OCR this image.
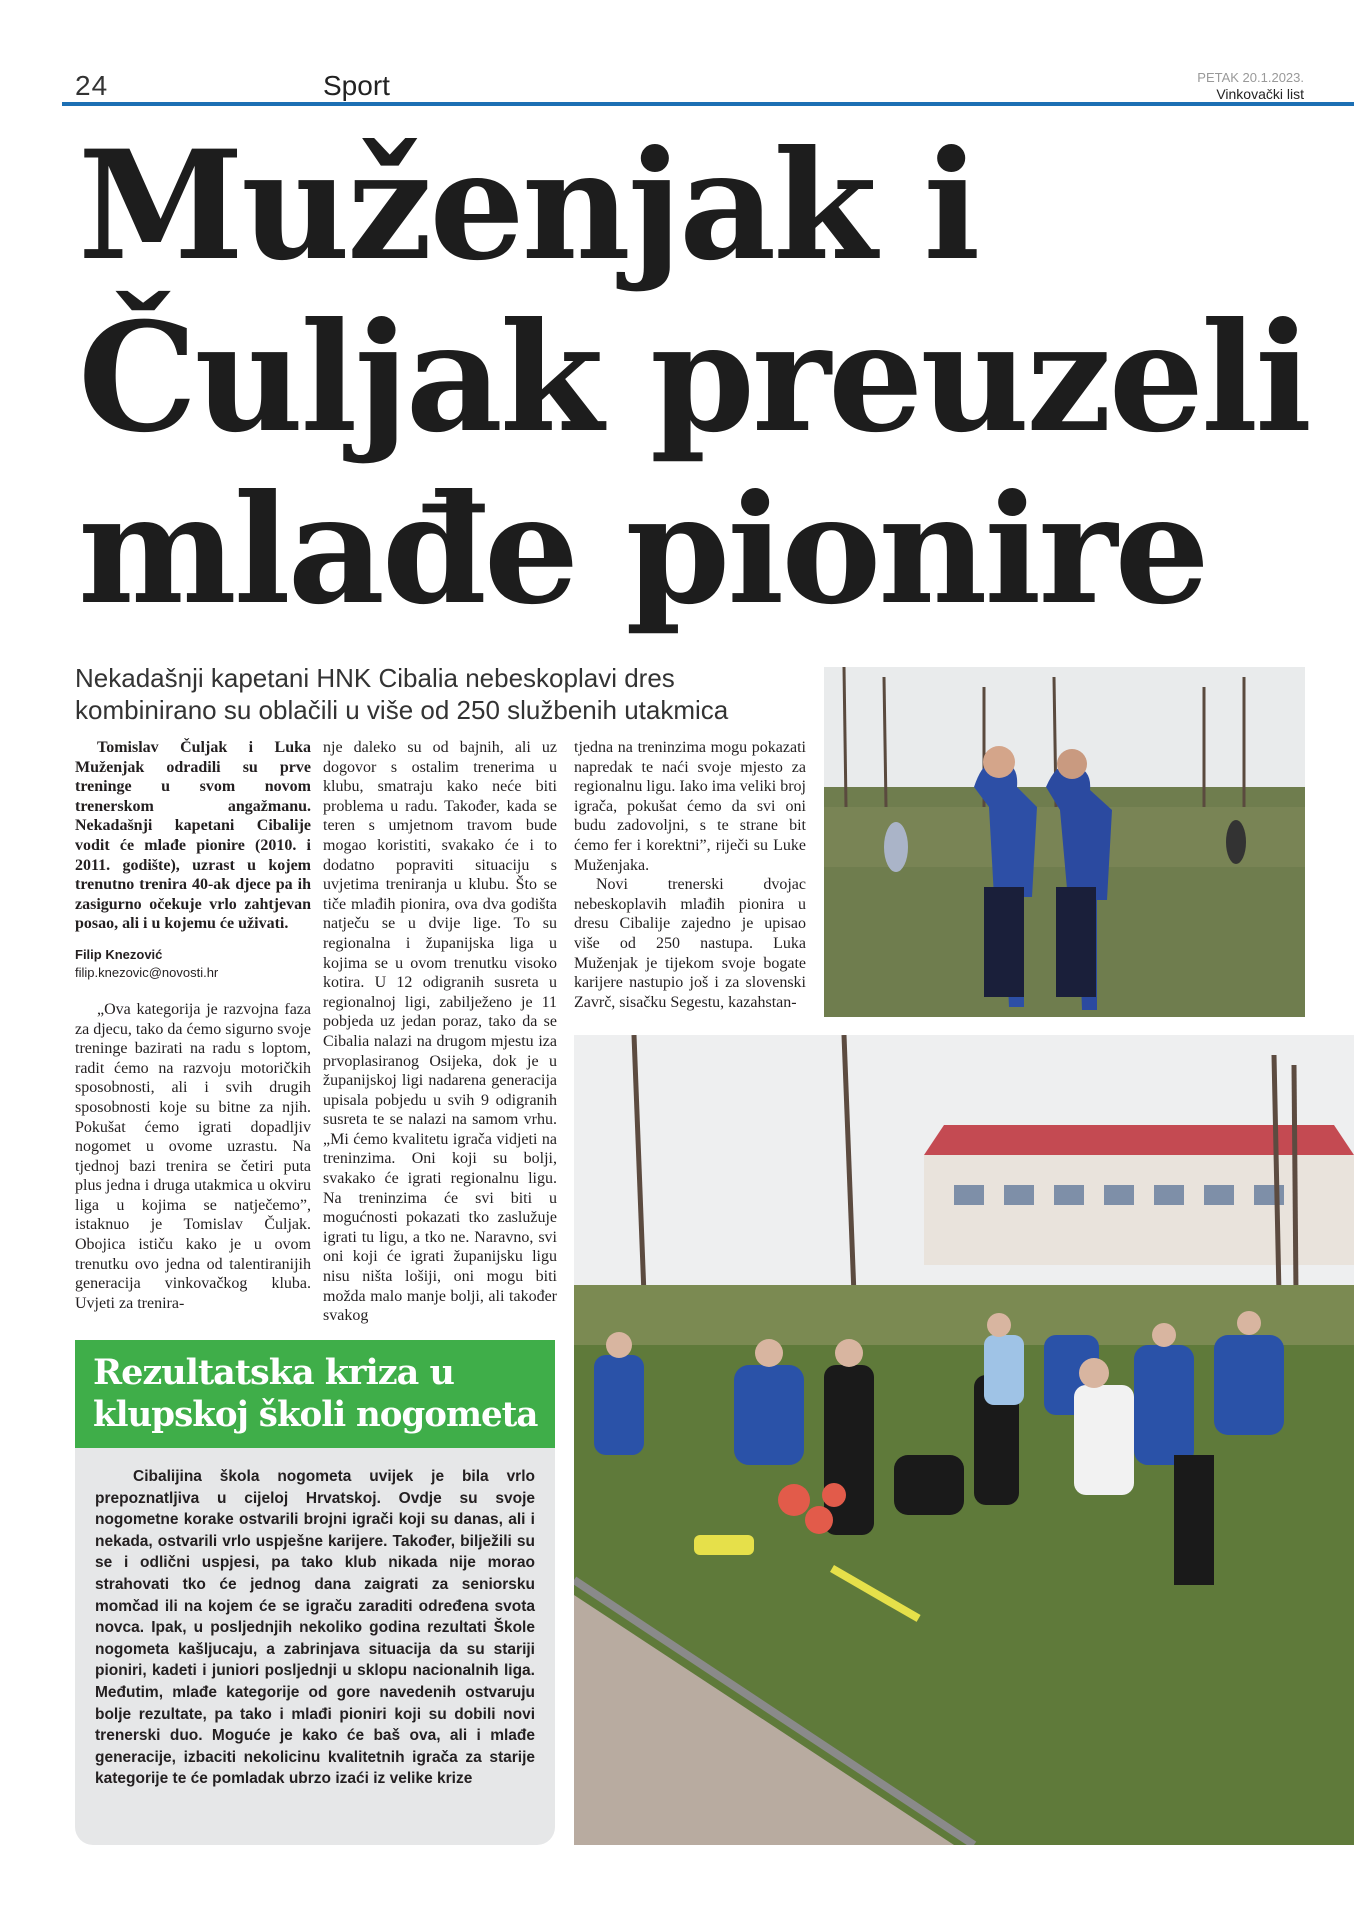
24	Sport	PETAK 20.1.2023.
Vinkovački list
Muženjak i
Čuljak preuzeli
mlađe pionire
Nekadašnji kapetani HNK Cibalia nebeskoplavi dres kombinirano su oblačili u više od 250 službenih utakmica

Tomislav Čuljak i Luka Muženjak odradili su prve treninge u svom novom trenerskom angažmanu. Nekadašnji kapetani Cibalije vodit će mlađe pionire (2010. i 2011. godište), uzrast u kojem trenutno trenira 40-ak djece pa ih zasigurno očekuje vrlo zahtjevan posao, ali i u kojemu će uživati.

Filip Knezović
filip.knezovic@novosti.hr

„Ova kategorija je razvojna faza za djecu, tako da ćemo sigurno svoje treninge bazirati na radu s loptom, radit ćemo na razvoju motoričkih sposobnosti, ali i svih drugih sposobnosti koje su bitne za njih. Pokušat ćemo igrati dopadljiv nogomet u ovome uzrastu. Na tjednoj bazi trenira se četiri puta plus jedna i druga utakmica u okviru liga u kojima se natječemo”, istaknuo je Tomislav Čuljak. Obojica ističu kako je u ovom trenutku ovo jedna od talentiranijih generacija vinkovačkog kluba. Uvjeti za trenira-

nje daleko su od bajnih, ali uz dogovor s ostalim trenerima u klubu, smatraju kako neće biti problema u radu. Također, kada se teren s umjetnom travom bude mogao koristiti, svakako će i to dodatno popraviti situaciju s uvjetima treniranja u klubu. Što se tiče mlađih pionira, ova dva godišta natječu se u dvije lige. To su regionalna i županijska liga u kojima se u ovom trenutku visoko kotira. U 12 odigranih susreta u regionalnoj ligi, zabilježeno je 11 pobjeda uz jedan poraz, tako da se Cibalia nalazi na drugom mjestu iza prvoplasiranog Osijeka, dok je u županijskoj ligi nadarena generacija upisala pobjedu u svih 9 odigranih susreta te se nalazi na samom vrhu. „Mi ćemo kvalitetu igrača vidjeti na treninzima. Oni koji su bolji, svakako će igrati regionalnu ligu. Na treninzima će svi biti u mogućnosti pokazati tko zaslužuje igrati tu ligu, a tko ne. Naravno, svi oni koji će igrati županijsku ligu nisu ništa lošiji, oni mogu biti možda malo manje bolji, ali također svakog

tjedna na treninzima mogu pokazati napredak te naći svoje mjesto za regionalnu ligu. Iako ima veliki broj igrača, pokušat ćemo da svi oni budu zadovoljni, s te strane bit ćemo fer i korektni”, riječi su Luke Muženjaka.

Novi trenerski dvojac nebeskoplavih mlađih pionira u dresu Cibalije zajedno je upisao više od 250 nastupa. Luka Muženjak je tijekom svoje bogate karijere nastupio još i za slovenski Zavrč, sisačku Segestu, kazahstan-

Rezultatska kriza u
klupskoj školi nogometa

Cibalijina škola nogometa uvijek je bila vrlo prepoznatljiva u cijeloj Hrvatskoj. Ovdje su svoje nogometne korake ostvarili brojni igrači koji su danas, ali i nekada, ostvarili vrlo uspješne karijere. Također, bilježili su se i odlični uspjesi, pa tako klub nikada nije morao strahovati tko će jednog dana zaigrati za seniorsku momčad ili na kojem će se igraču zaraditi određena svota novca. Ipak, u posljednjih nekoliko godina rezultati Škole nogometa kašljucaju, a zabrinjava situacija da su stariji pioniri, kadeti i juniori posljednji u sklopu nacionalnih liga. Međutim, mlađe kategorije od gore navedenih ostvaruju bolje rezultate, pa tako i mlađi pioniri koji su dobili novi trenerski duo. Moguće je kako će baš ova, ali i mlađe generacije, izbaciti nekolicinu kvalitetnih igrača za starije kategorije te će pomladak ubrzo izaći iz velike krize
